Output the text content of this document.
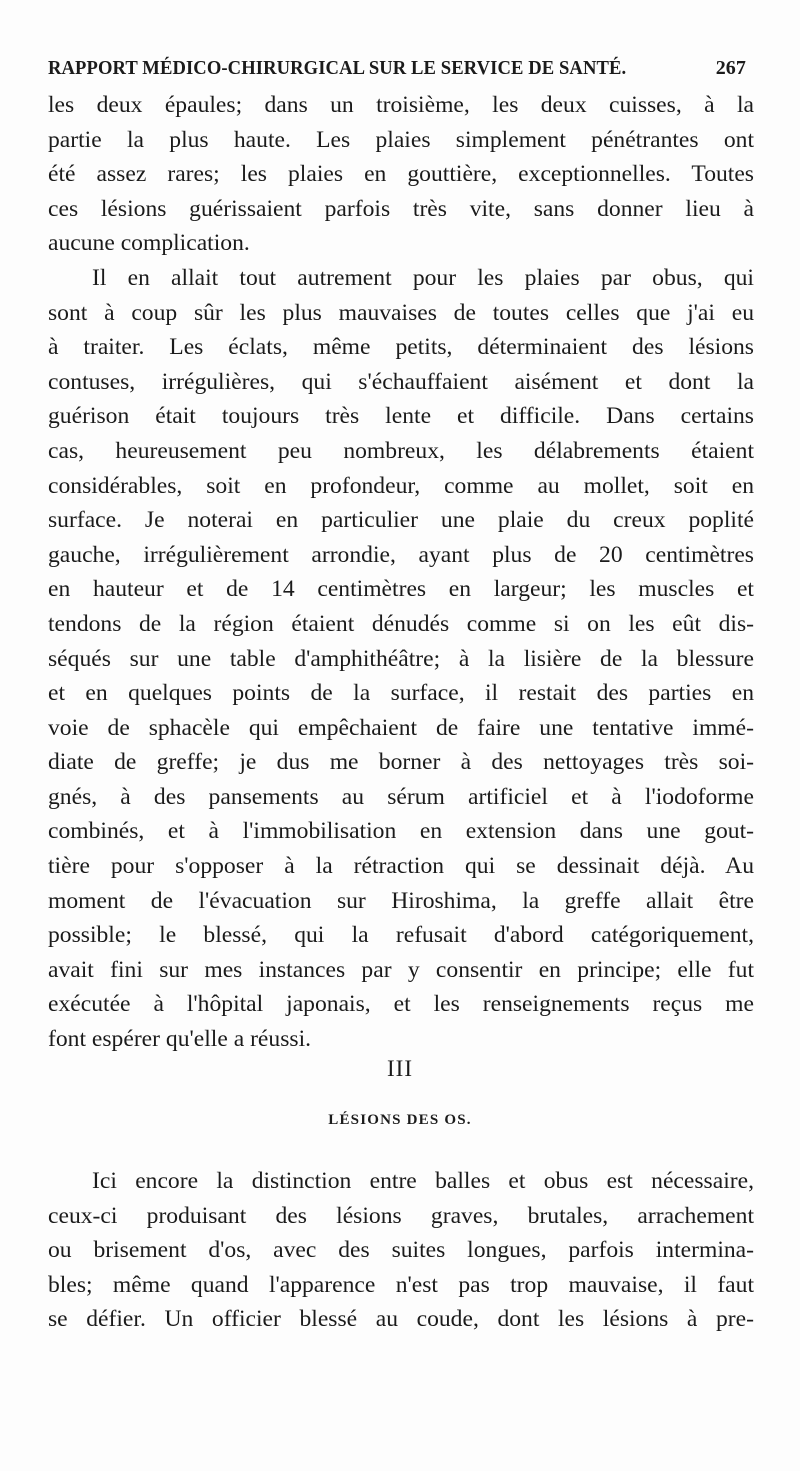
RAPPORT MÉDICO-CHIRURGICAL SUR LE SERVICE DE SANTÉ.	267
les deux épaules; dans un troisième, les deux cuisses, à la
partie la plus haute. Les plaies simplement pénétrantes ont
été assez rares; les plaies en gouttière, exceptionnelles. Toutes
ces lésions guérissaient parfois très vite, sans donner lieu à
aucune complication.
Il en allait tout autrement pour les plaies par obus, qui
sont à coup sûr les plus mauvaises de toutes celles que j'ai eu
à traiter. Les éclats, même petits, déterminaient des lésions
contuses, irrégulières, qui s'échauffaient aisément et dont la
guérison était toujours très lente et difficile. Dans certains
cas, heureusement peu nombreux, les délabrements étaient
considérables, soit en profondeur, comme au mollet, soit en
surface. Je noterai en particulier une plaie du creux poplité
gauche, irrégulièrement arrondie, ayant plus de 20 centimètres
en hauteur et de 14 centimètres en largeur; les muscles et
tendons de la région étaient dénudés comme si on les eût dis-
séqués sur une table d'amphithéâtre; à la lisière de la blessure
et en quelques points de la surface, il restait des parties en
voie de sphacèle qui empêchaient de faire une tentative immé-
diate de greffe; je dus me borner à des nettoyages très soi-
gnés, à des pansements au sérum artificiel et à l'iodoforme
combinés, et à l'immobilisation en extension dans une gout-
tière pour s'opposer à la rétraction qui se dessinait déjà. Au
moment de l'évacuation sur Hiroshima, la greffe allait être
possible; le blessé, qui la refusait d'abord catégoriquement,
avait fini sur mes instances par y consentir en principe; elle fut
exécutée à l'hôpital japonais, et les renseignements reçus me
font espérer qu'elle a réussi.
III
LÉSIONS DES OS.
Ici encore la distinction entre balles et obus est nécessaire,
ceux-ci produisant des lésions graves, brutales, arrachement
ou brisement d'os, avec des suites longues, parfois intermina-
bles; même quand l'apparence n'est pas trop mauvaise, il faut
se défier. Un officier blessé au coude, dont les lésions à pre-
